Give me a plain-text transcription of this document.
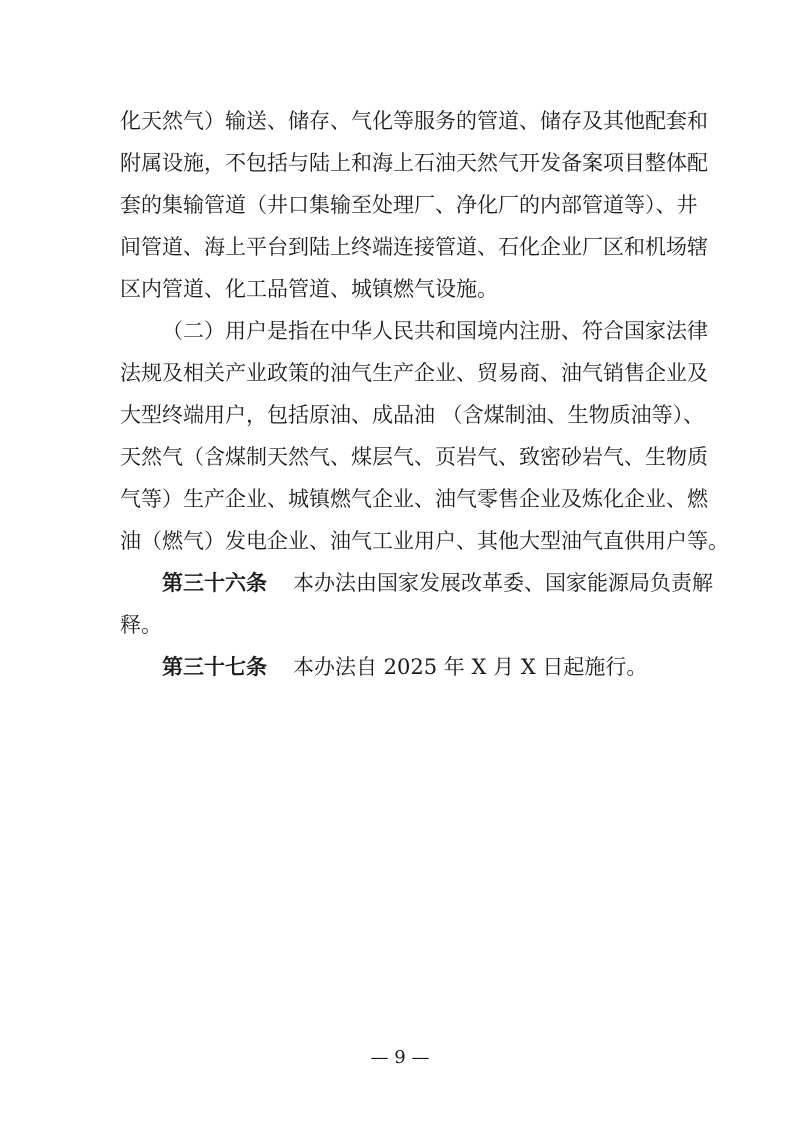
化天然气）输送、储存、气化等服务的管道、储存及其他配套和
附属设施，不包括与陆上和海上石油天然气开发备案项目整体配
套的集输管道（井口集输至处理厂、净化厂的内部管道等）、井
间管道、海上平台到陆上终端连接管道、石化企业厂区和机场辖
区内管道、化工品管道、城镇燃气设施。
（二）用户是指在中华人民共和国境内注册、符合国家法律
法规及相关产业政策的油气生产企业、贸易商、油气销售企业及
大型终端用户，包括原油、成品油 （含煤制油、生物质油等）、
天然气（含煤制天然气、煤层气、页岩气、致密砂岩气、生物质
气等）生产企业、城镇燃气企业、油气零售企业及炼化企业、燃
油（燃气）发电企业、油气工业用户、其他大型油气直供用户等。
第三十六条 本办法由国家发展改革委、国家能源局负责解
释。
第三十七条 本办法自 2025 年 X 月 X 日起施行。
— 9 —
